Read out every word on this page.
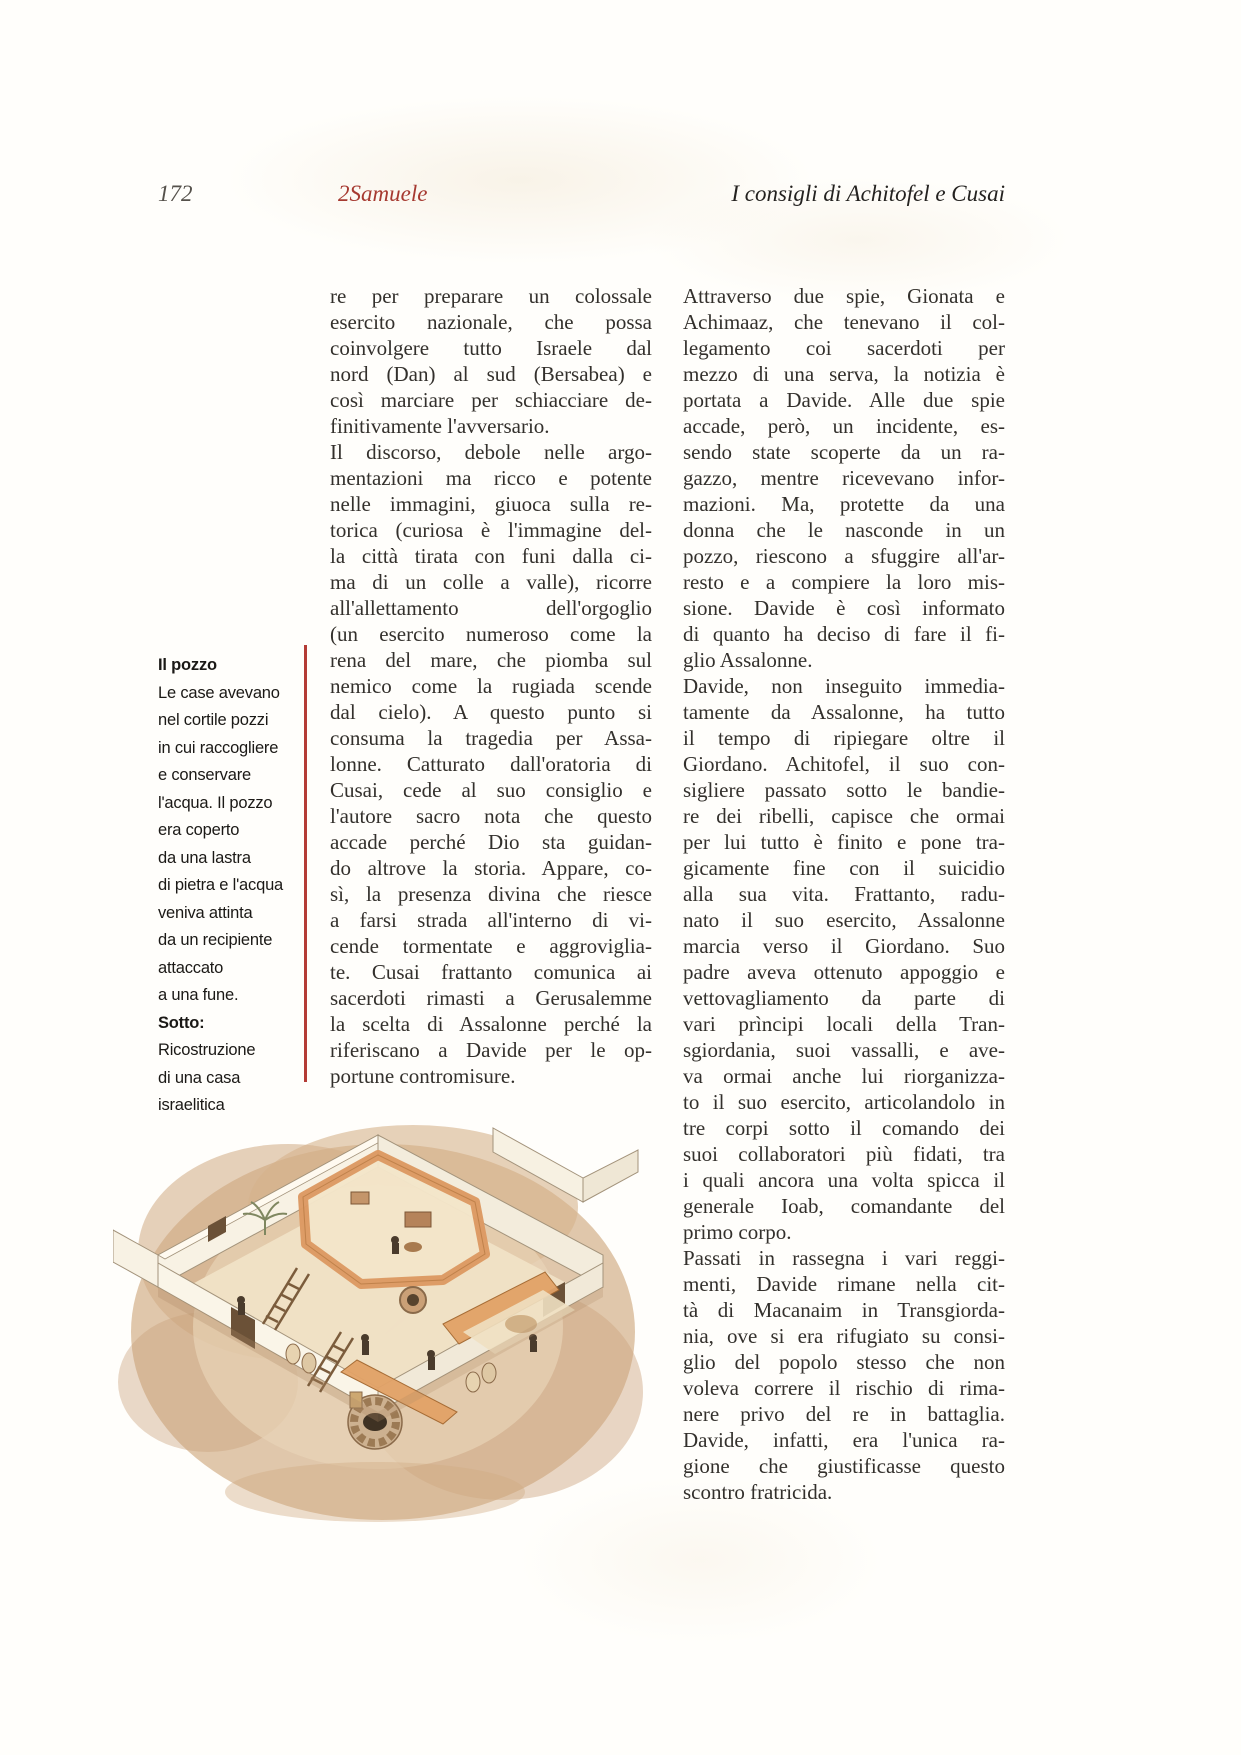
172	2Samuele	I consigli di Achitofel e Cusai
Il pozzo
Le case avevano
nel cortile pozzi
in cui raccogliere
e conservare
l'acqua. Il pozzo
era coperto
da una lastra
di pietra e l'acqua
veniva attinta
da un recipiente
attaccato
a una fune.
Sotto:
Ricostruzione
di una casa
israelitica
re per preparare un colossale
esercito nazionale, che possa
coinvolgere tutto Israele dal
nord (Dan) al sud (Bersabea) e
così marciare per schiacciare de-
finitivamente l'avversario.
Il discorso, debole nelle argo-
mentazioni ma ricco e potente
nelle immagini, giuoca sulla re-
torica (curiosa è l'immagine del-
la città tirata con funi dalla ci-
ma di un colle a valle), ricorre
all'allettamento dell'orgoglio
(un esercito numeroso come la
rena del mare, che piomba sul
nemico come la rugiada scende
dal cielo). A questo punto si
consuma la tragedia per Assa-
lonne. Catturato dall'oratoria di
Cusai, cede al suo consiglio e
l'autore sacro nota che questo
accade perché Dio sta guidan-
do altrove la storia. Appare, co-
sì, la presenza divina che riesce
a farsi strada all'interno di vi-
cende tormentate e aggroviglia-
te. Cusai frattanto comunica ai
sacerdoti rimasti a Gerusalemme
la scelta di Assalonne perché la
riferiscano a Davide per le op-
portune contromisure.
Attraverso due spie, Gionata e
Achimaaz, che tenevano il col-
legamento coi sacerdoti per
mezzo di una serva, la notizia è
portata a Davide. Alle due spie
accade, però, un incidente, es-
sendo state scoperte da un ra-
gazzo, mentre ricevevano infor-
mazioni. Ma, protette da una
donna che le nasconde in un
pozzo, riescono a sfuggire all'ar-
resto e a compiere la loro mis-
sione. Davide è così informato
di quanto ha deciso di fare il fi-
glio Assalonne.
Davide, non inseguito immedia-
tamente da Assalonne, ha tutto
il tempo di ripiegare oltre il
Giordano. Achitofel, il suo con-
sigliere passato sotto le bandie-
re dei ribelli, capisce che ormai
per lui tutto è finito e pone tra-
gicamente fine con il suicidio
alla sua vita. Frattanto, radu-
nato il suo esercito, Assalonne
marcia verso il Giordano. Suo
padre aveva ottenuto appoggio e
vettovagliamento da parte di
vari prìncipi locali della Tran-
sgiordania, suoi vassalli, e ave-
va ormai anche lui riorganizza-
to il suo esercito, articolandolo in
tre corpi sotto il comando dei
suoi collaboratori più fidati, tra
i quali ancora una volta spicca il
generale Ioab, comandante del
primo corpo.
Passati in rassegna i vari reggi-
menti, Davide rimane nella cit-
tà di Macanaim in Transgiorda-
nia, ove si era rifugiato su consi-
glio del popolo stesso che non
voleva correre il rischio di rima-
nere privo del re in battaglia.
Davide, infatti, era l'unica ra-
gione che giustificasse questo
scontro fratricida.
